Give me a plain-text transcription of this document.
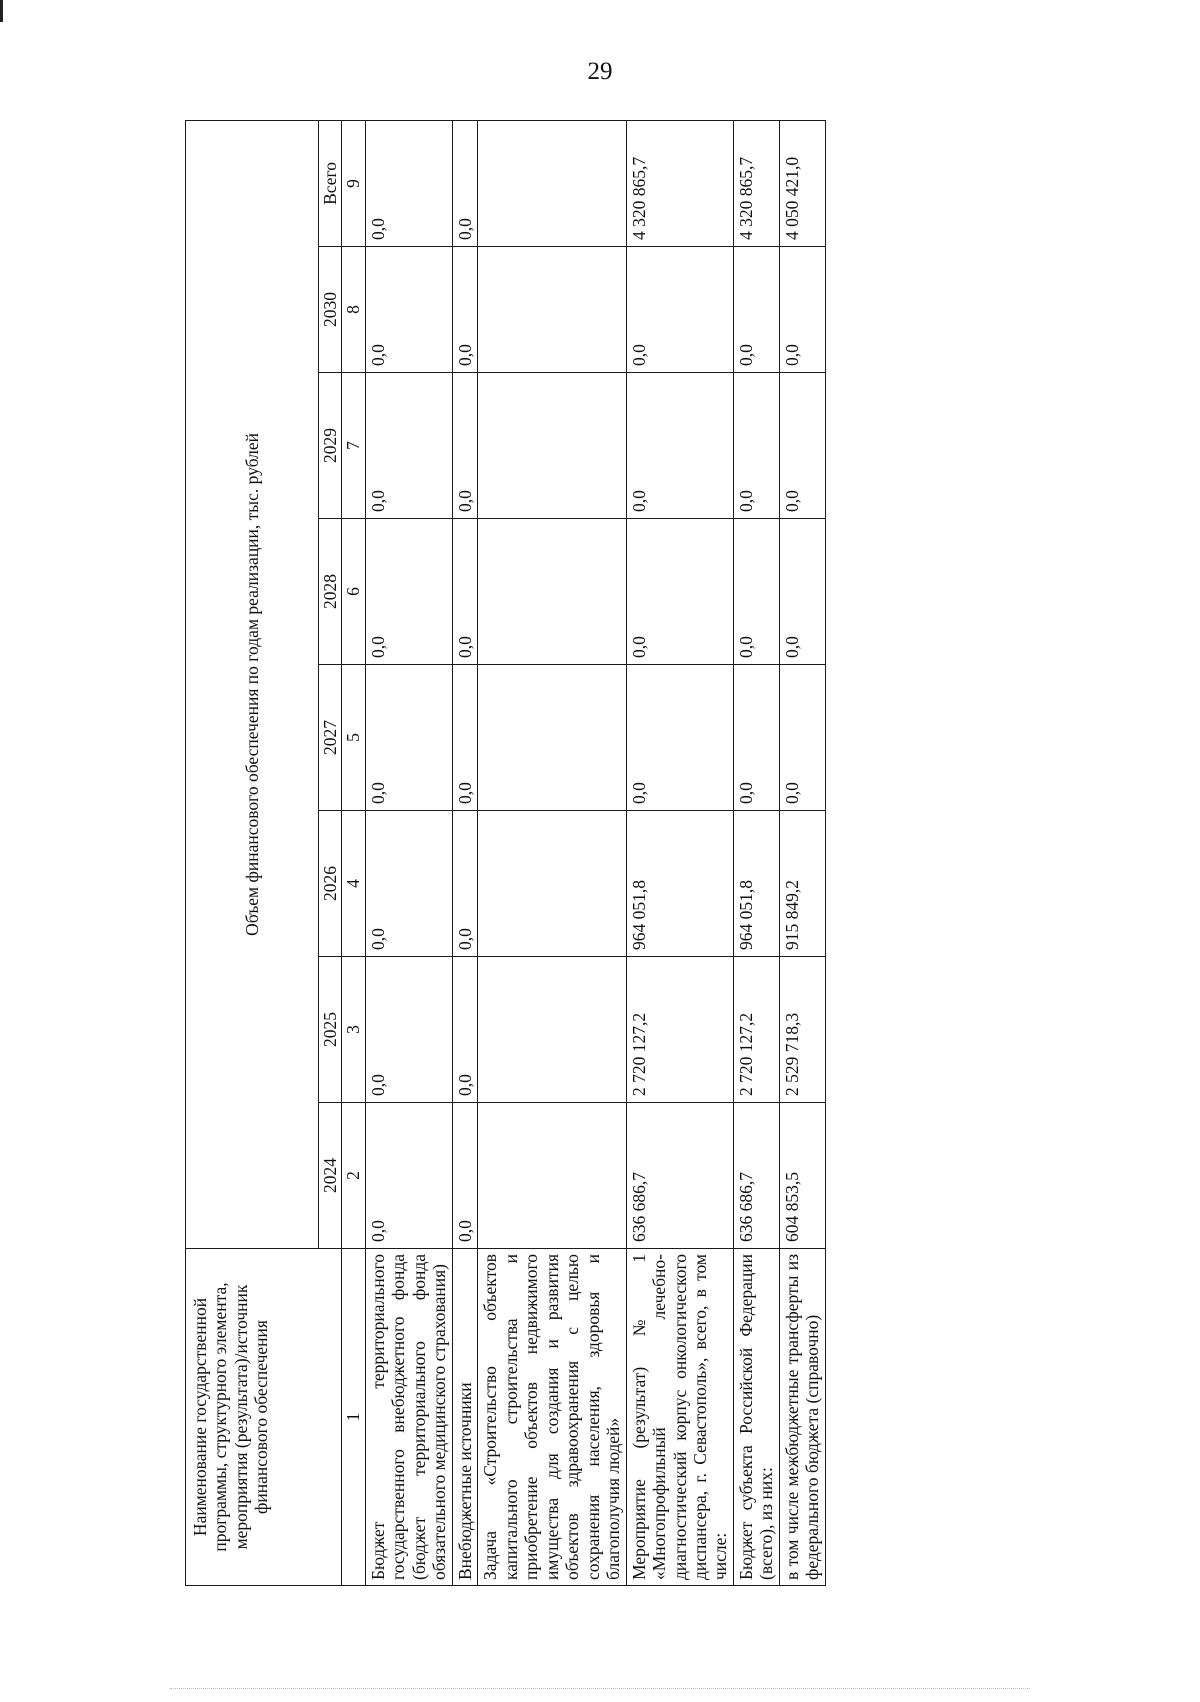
29
Наименование государственной программы, структурного элемента, мероприятия (результата)/источник финансового обеспечения	Объем финансового обеспечения по годам реализации, тыс. рублей							
	2024	2025	2026	2027	2028	2029	2030	Всего
1	2	3	4	5	6	7	8	9
Бюджет территориального государственного внебюджетного фонда (бюджет территориального фонда обязательного медицинского страхования)	0,0	0,0	0,0	0,0	0,0	0,0	0,0	0,0
Внебюджетные источники	0,0	0,0	0,0	0,0	0,0	0,0	0,0	0,0
Задача «Строительство объектов капитального строительства и приобретение объектов недвижимого имущества для создания и развития объектов здравоохранения с целью сохранения населения, здоровья и благополучия людей»								
Мероприятие (результат) № 1 «Многопрофильный лечебно-диагностический корпус онкологического диспансера, г. Севастополь», всего, в том числе:	636 686,7	2 720 127,2	964 051,8	0,0	0,0	0,0	0,0	4 320 865,7
Бюджет субъекта Российской Федерации (всего), из них:	636 686,7	2 720 127,2	964 051,8	0,0	0,0	0,0	0,0	4 320 865,7
в том числе межбюджетные трансферты из федерального бюджета (справочно)	604 853,5	2 529 718,3	915 849,2	0,0	0,0	0,0	0,0	4 050 421,0
